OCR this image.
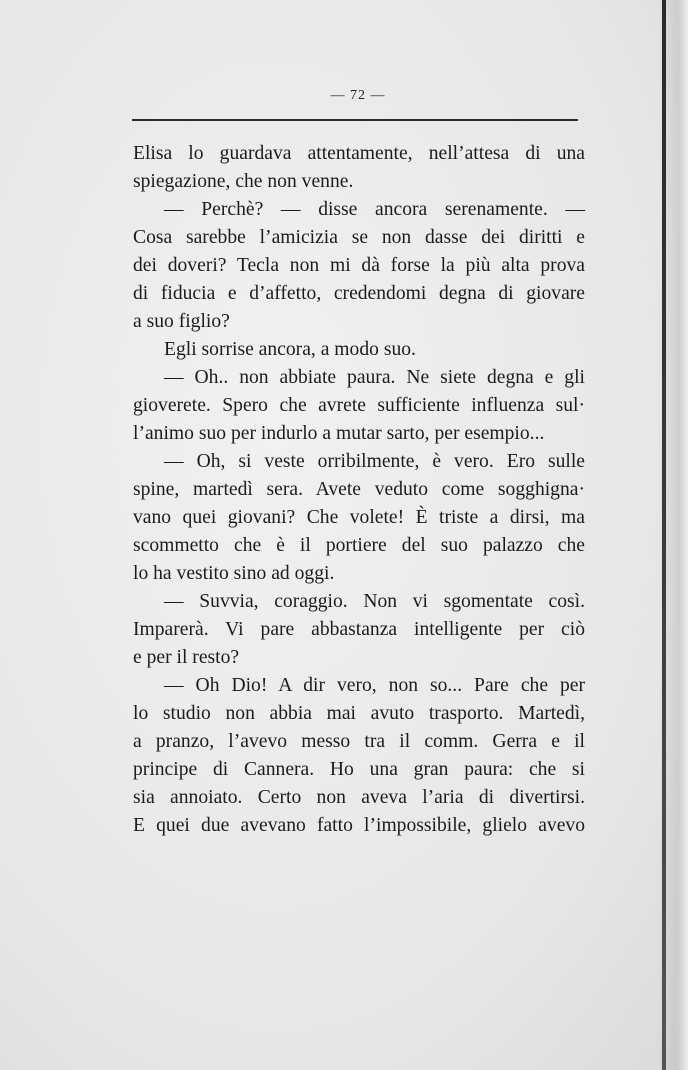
— 72 —
Elisa lo guardava attentamente, nell’attesa di una
spiegazione, che non venne.
— Perchè? — disse ancora serenamente. —
Cosa sarebbe l’amicizia se non dasse dei diritti e
dei doveri? Tecla non mi dà forse la più alta prova
di fiducia e d’affetto, credendomi degna di giovare
a suo figlio?
Egli sorrise ancora, a modo suo.
— Oh.. non abbiate paura. Ne siete degna e gli
gioverete. Spero che avrete sufficiente influenza sul·
l’animo suo per indurlo a mutar sarto, per esempio...
— Oh, si veste orribilmente, è vero. Ero sulle
spine, martedì sera. Avete veduto come sogghigna·
vano quei giovani? Che volete! È triste a dirsi, ma
scommetto che è il portiere del suo palazzo che
lo ha vestito sino ad oggi.
— Suvvia, coraggio. Non vi sgomentate così.
Imparerà. Vi pare abbastanza intelligente per ciò
e per il resto?
— Oh Dio! A dir vero, non so... Pare che per
lo studio non abbia mai avuto trasporto. Martedì,
a pranzo, l’avevo messo tra il comm. Gerra e il
principe di Cannera. Ho una gran paura: che si
sia annoiato. Certo non aveva l’aria di divertirsi.
E quei due avevano fatto l’impossibile, glielo avevo
